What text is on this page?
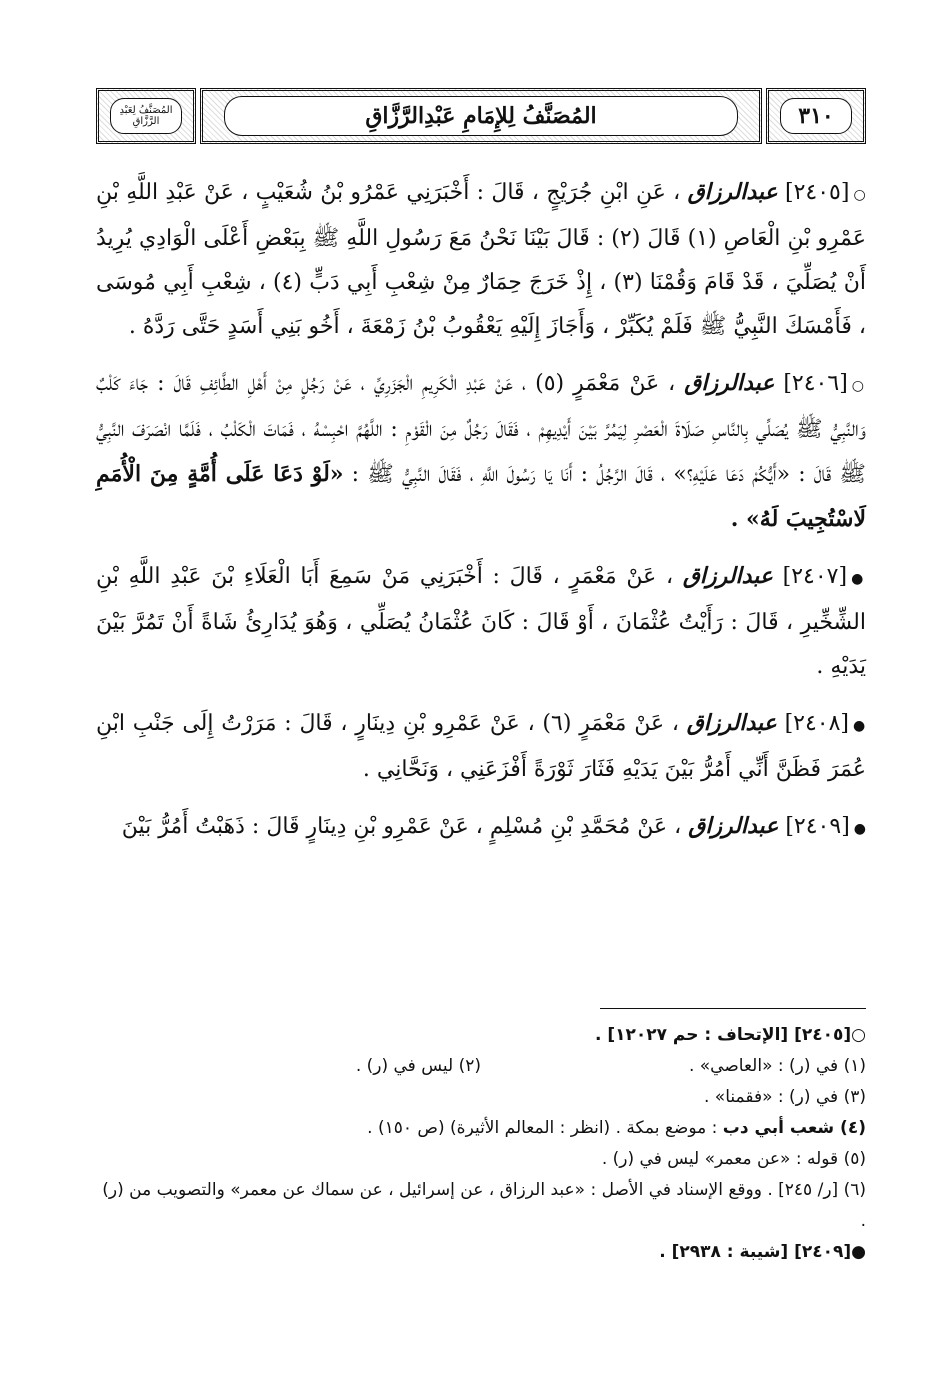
المُصَنَّفُ لِعَبْدِ الرَّزَّاقِ	المُصَنَّفُ لِلإِمَامِ عَبْدِالرَّزَّاقِ	٣١٠

○[٢٤٠٥] عبدالرزاق ، عَنِ ابْنِ جُرَيْجٍ ، قَالَ : أَخْبَرَنِي عَمْرُو بْنُ شُعَيْبٍ ، عَنْ عَبْدِ اللَّهِ بْنِ عَمْرِو بْنِ الْعَاصِ (١) قَالَ (٢) : قَالَ بَيْنَا نَحْنُ مَعَ رَسُولِ اللَّهِ ﷺ بِبَعْضِ أَعْلَى الْوَادِي يُرِيدُ أَنْ يُصَلِّيَ ، قَدْ قَامَ وَقُمْنَا (٣) ، إِذْ خَرَجَ حِمَارٌ مِنْ شِعْبِ أَبِي دَبٍّ (٤) ، شِعْبِ أَبِي مُوسَى ، فَأَمْسَكَ النَّبِيُّ ﷺ فَلَمْ يُكَبِّرْ ، وَأَجَازَ إِلَيْهِ يَعْقُوبُ بْنُ زَمْعَةَ ، أَخُو بَنِي أَسَدٍ حَتَّى رَدَّهُ .

○[٢٤٠٦] عبدالرزاق ، عَنْ مَعْمَرٍ (٥) ، عَنْ عَبْدِ الْكَرِيمِ الْجَزَرِيِّ ، عَنْ رَجُلٍ مِنْ أَهْلِ الطَّائِفِ قَالَ : جَاءَ كَلْبٌ وَالنَّبِيُّ ﷺ يُصَلِّي بِالنَّاسِ صَلَاةَ الْعَصْرِ لِيَمُرَّ بَيْنَ أَيْدِيهِمْ ، فَقَالَ رَجُلٌ مِنَ الْقَوْمِ : اللَّهُمَّ احْبِسْهُ ، فَمَاتَ الْكَلْبُ ، فَلَمَّا انْصَرَفَ النَّبِيُّ ﷺ قَالَ : «أَيُّكُمْ دَعَا عَلَيْهِ؟» ، قَالَ الرَّجُلُ : أَنَا يَا رَسُولَ اللَّهِ ، فَقَالَ النَّبِيُّ ﷺ : «لَوْ دَعَا عَلَى أُمَّةٍ مِنَ الْأُمَمِ لَاسْتُجِيبَ لَهُ» .

●[٢٤٠٧] عبدالرزاق ، عَنْ مَعْمَرٍ ، قَالَ : أَخْبَرَنِي مَنْ سَمِعَ أَبَا الْعَلَاءِ بْنَ عَبْدِ اللَّهِ بْنِ الشِّخِّيرِ ، قَالَ : رَأَيْتُ عُثْمَانَ ، أَوْ قَالَ : كَانَ عُثْمَانُ يُصَلِّي ، وَهُوَ يُدَارِئُ شَاةً أَنْ تَمُرَّ بَيْنَ يَدَيْهِ .

●[٢٤٠٨] عبدالرزاق ، عَنْ مَعْمَرٍ (٦) ، عَنْ عَمْرِو بْنِ دِينَارٍ ، قَالَ : مَرَرْتُ إِلَى جَنْبِ ابْنِ عُمَرَ فَظَنَّ أَنِّي أَمُرُّ بَيْنَ يَدَيْهِ فَثَارَ ثَوْرَةً أَفْزَعَنِي ، وَنَحَّانِي .

●[٢٤٠٩] عبدالرزاق ، عَنْ مُحَمَّدِ بْنِ مُسْلِمٍ ، عَنْ عَمْرِو بْنِ دِينَارٍ قَالَ : ذَهَبْتُ أَمُرُّ بَيْنَ

○[٢٤٠٥] [الإتحاف : حم ١٢٠٢٧] .
(١) في (ر) : «العاصي» .
(٢) ليس في (ر) .
(٣) في (ر) : «فقمنا» .
(٤) شعب أبي دب : موضع بمكة . (انظر : المعالم الأثيرة) (ص ١٥٠) .
(٥) قوله : «عن معمر» ليس في (ر) .
(٦) [ر/ ٢٤٥] . ووقع الإسناد في الأصل : «عبد الرزاق ، عن إسرائيل ، عن سماك عن معمر» والتصويب من (ر) .
●[٢٤٠٩] [شيبة : ٢٩٣٨] .
